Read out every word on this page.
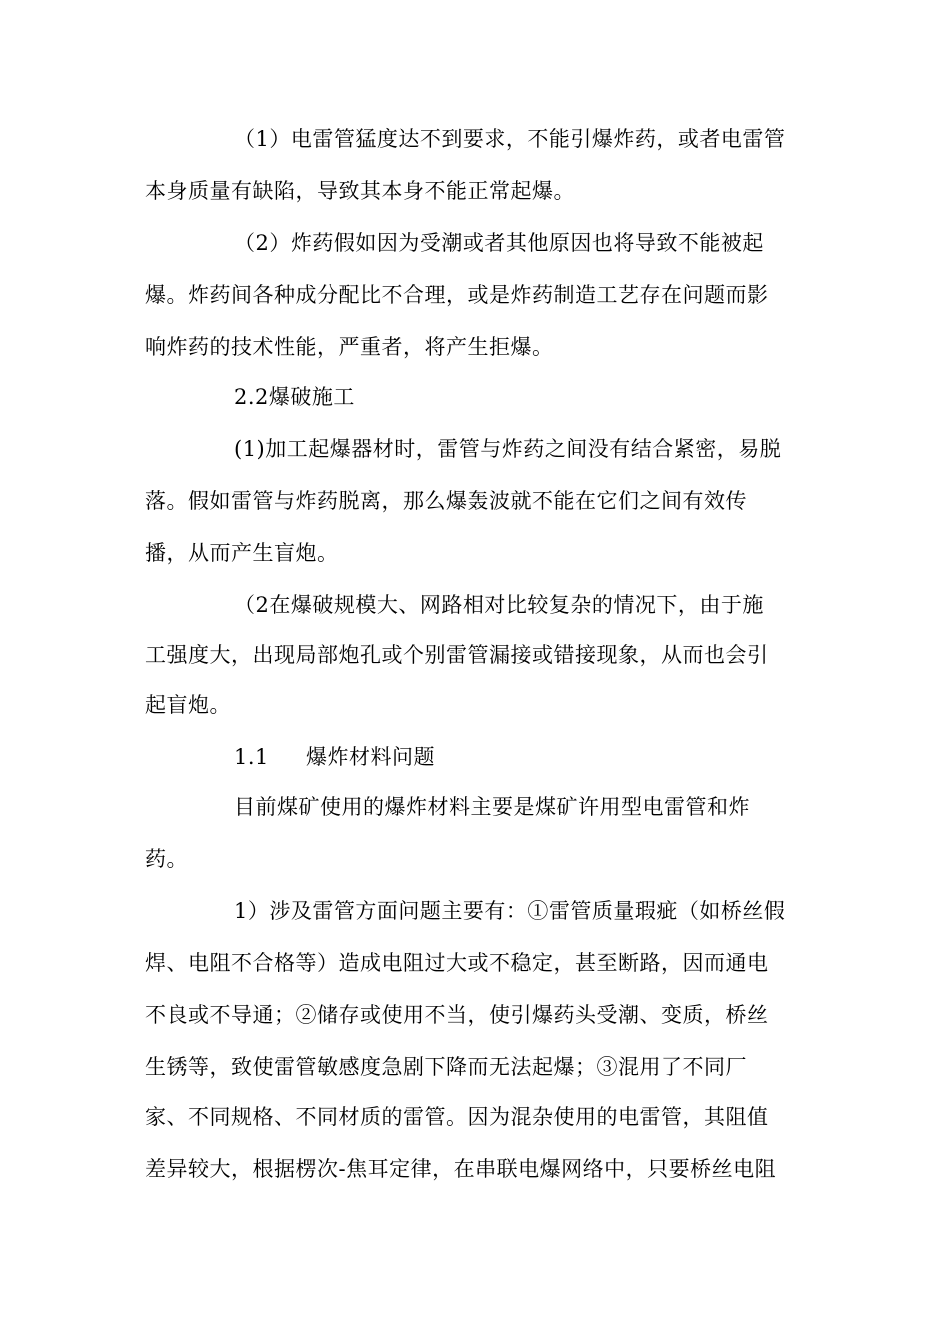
（1）电雷管猛度达不到要求，不能引爆炸药，或者电雷管
本身质量有缺陷，导致其本身不能正常起爆。
（2）炸药假如因为受潮或者其他原因也将导致不能被起
爆。炸药间各种成分配比不合理，或是炸药制造工艺存在问题而影
响炸药的技术性能，严重者，将产生拒爆。
2.2爆破施工
(1)加工起爆器材时，雷管与炸药之间没有结合紧密，易脱
落。假如雷管与炸药脱离，那么爆轰波就不能在它们之间有效传
播，从而产生盲炮。
（2在爆破规模大、网路相对比较复杂的情况下，由于施
工强度大，出现局部炮孔或个别雷管漏接或错接现象，从而也会引
起盲炮。
1.1 爆炸材料问题
目前煤矿使用的爆炸材料主要是煤矿许用型电雷管和炸
药。
1）涉及雷管方面问题主要有：①雷管质量瑕疵（如桥丝假
焊、电阻不合格等）造成电阻过大或不稳定，甚至断路，因而通电
不良或不导通；②储存或使用不当，使引爆药头受潮、变质，桥丝
生锈等，致使雷管敏感度急剧下降而无法起爆；③混用了不同厂
家、不同规格、不同材质的雷管。因为混杂使用的电雷管，其阻值
差异较大，根据楞次-焦耳定律，在串联电爆网络中，只要桥丝电阻
